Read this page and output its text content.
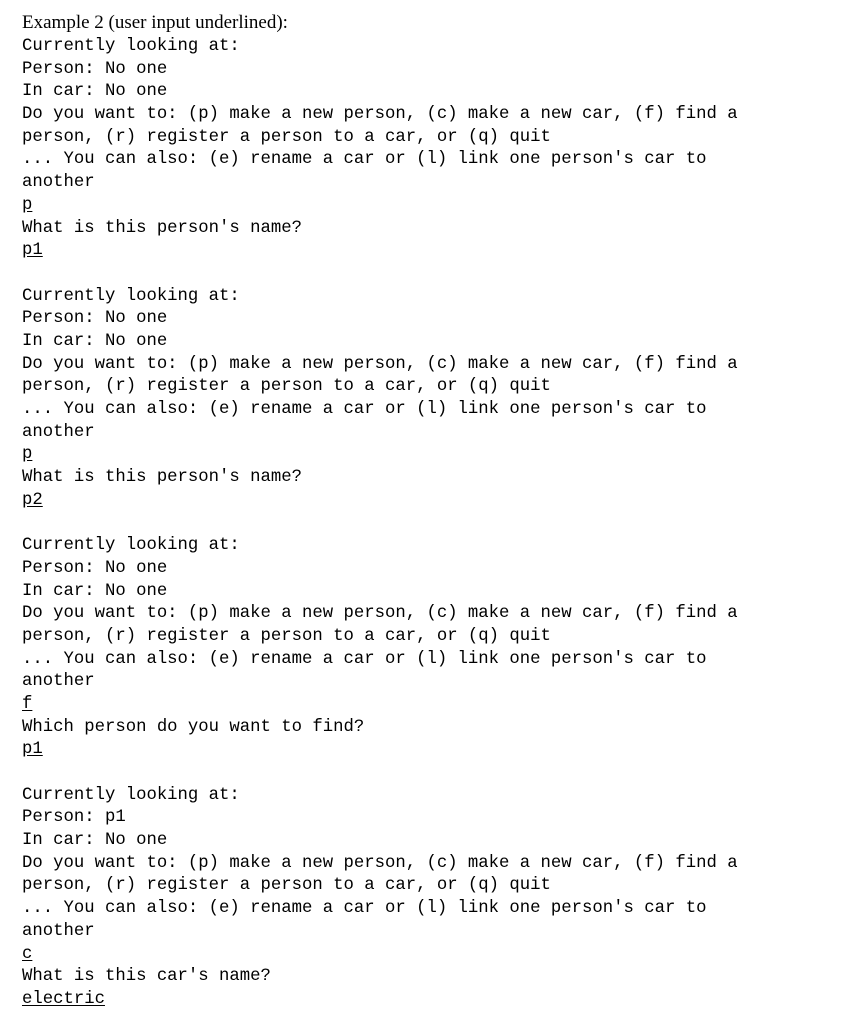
Example 2 (user input underlined):
Currently looking at:
Person: No one
In car: No one
Do you want to: (p) make a new person, (c) make a new car, (f) find a
person, (r) register a person to a car, or (q) quit
... You can also: (e) rename a car or (l) link one person's car to
another
p
What is this person's name?
p1
Currently looking at:
Person: No one
In car: No one
Do you want to: (p) make a new person, (c) make a new car, (f) find a
person, (r) register a person to a car, or (q) quit
... You can also: (e) rename a car or (l) link one person's car to
another
p
What is this person's name?
p2
Currently looking at:
Person: No one
In car: No one
Do you want to: (p) make a new person, (c) make a new car, (f) find a
person, (r) register a person to a car, or (q) quit
... You can also: (e) rename a car or (l) link one person's car to
another
f
Which person do you want to find?
p1
Currently looking at:
Person: p1
In car: No one
Do you want to: (p) make a new person, (c) make a new car, (f) find a
person, (r) register a person to a car, or (q) quit
... You can also: (e) rename a car or (l) link one person's car to
another
c
What is this car's name?
electric
